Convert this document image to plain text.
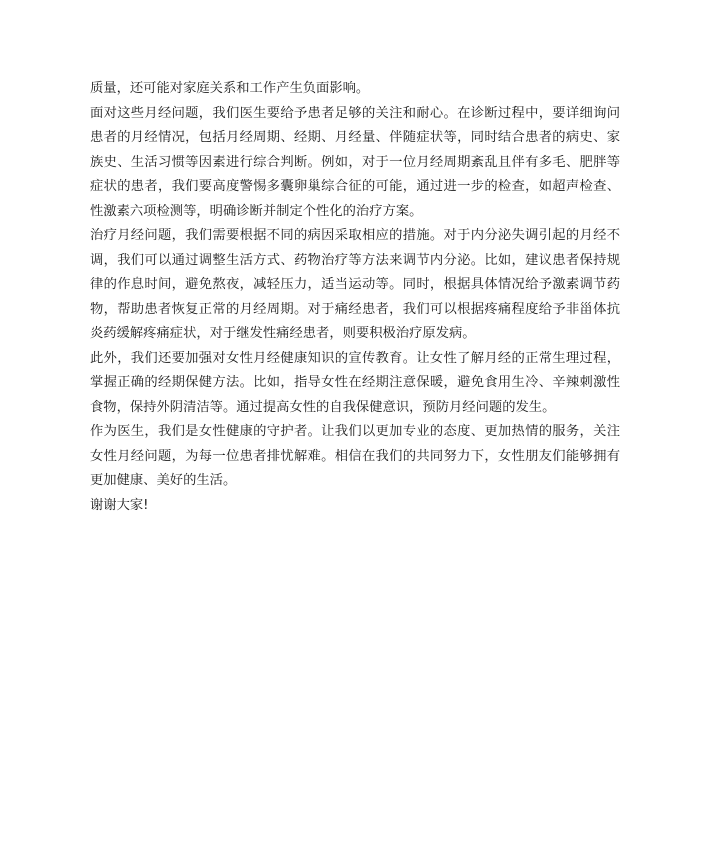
质量，还可能对家庭关系和工作产生负面影响。

面对这些月经问题，我们医生要给予患者足够的关注和耐心。在诊断过程中，要详细询问患者的月经情况，包括月经周期、经期、月经量、伴随症状等，同时结合患者的病史、家族史、生活习惯等因素进行综合判断。例如，对于一位月经周期紊乱且伴有多毛、肥胖等症状的患者，我们要高度警惕多囊卵巢综合征的可能，通过进一步的检查，如超声检查、性激素六项检测等，明确诊断并制定个性化的治疗方案。

治疗月经问题，我们需要根据不同的病因采取相应的措施。对于内分泌失调引起的月经不调，我们可以通过调整生活方式、药物治疗等方法来调节内分泌。比如，建议患者保持规律的作息时间，避免熬夜，减轻压力，适当运动等。同时，根据具体情况给予激素调节药物，帮助患者恢复正常的月经周期。对于痛经患者，我们可以根据疼痛程度给予非甾体抗炎药缓解疼痛症状，对于继发性痛经患者，则要积极治疗原发病。

此外，我们还要加强对女性月经健康知识的宣传教育。让女性了解月经的正常生理过程，掌握正确的经期保健方法。比如，指导女性在经期注意保暖，避免食用生冷、辛辣刺激性食物，保持外阴清洁等。通过提高女性的自我保健意识，预防月经问题的发生。

作为医生，我们是女性健康的守护者。让我们以更加专业的态度、更加热情的服务，关注女性月经问题，为每一位患者排忧解难。相信在我们的共同努力下，女性朋友们能够拥有更加健康、美好的生活。

谢谢大家!
